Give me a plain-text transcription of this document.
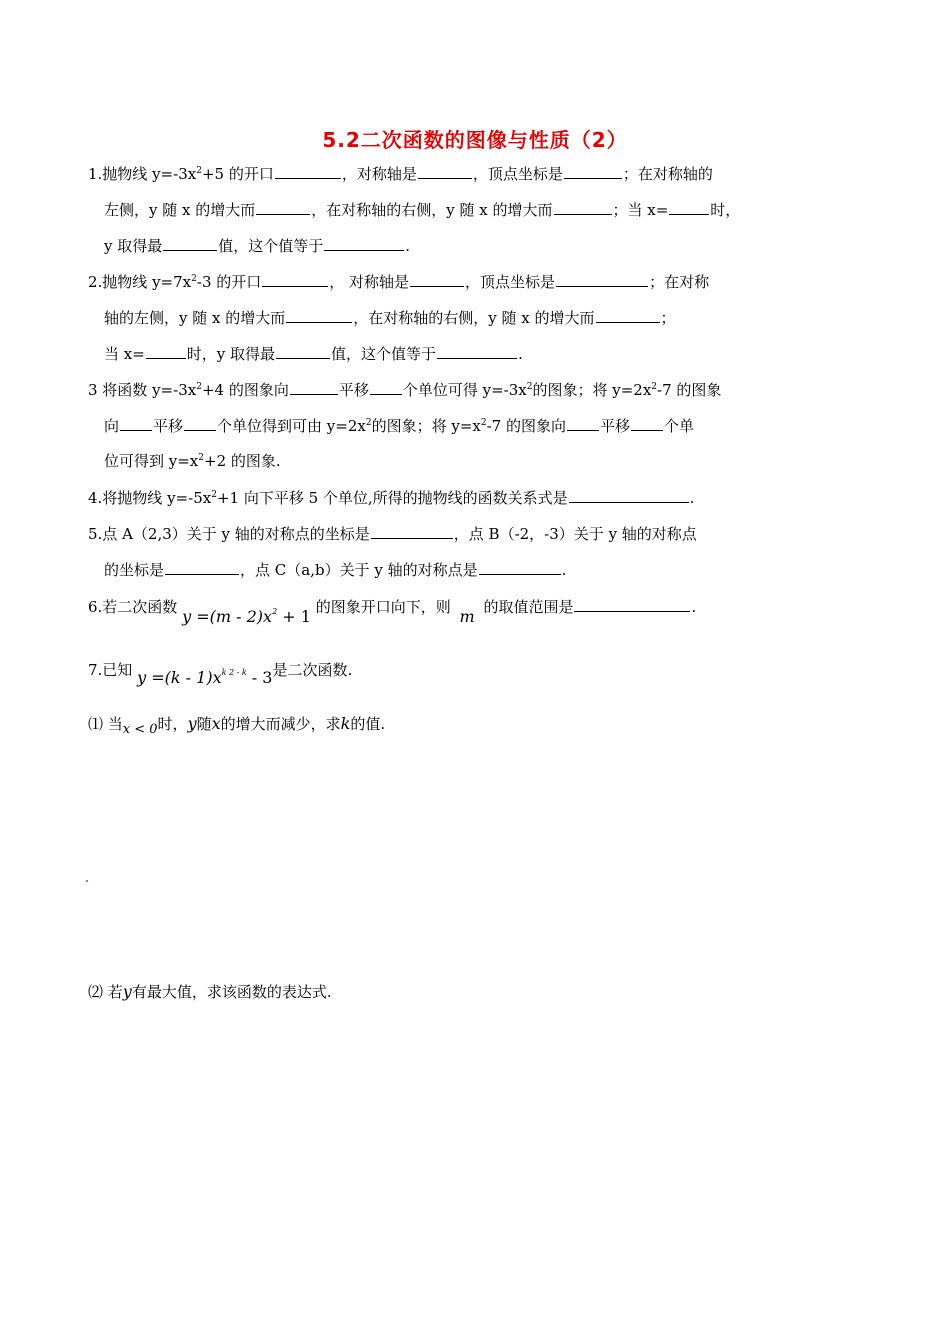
5.2二次函数的图像与性质（2）
1.抛物线 $y=-3x^2+5$ 的开口	，对称轴是	，顶点坐标是	；在对称轴的
左侧，y 随 x 的增大而	，在对称轴的右侧，y 随 x 的增大而	；当 x=	时，
y 取得最	值，这个值等于	.
2.抛物线 $y=7x^2-3$ 的开口	， 对称轴是	，顶点坐标是	；在对称
轴的左侧，y 随 x 的增大而	，在对称轴的右侧，y 随 x 的增大而	；
当 x=	时，y 取得最	值，这个值等于	.
3 将函数 $y=-3x^2+4$ 的图象向	平移 个单位可得 $y=-3x^2$的图象；将 $y=2x^2-7$ 的图象
向 平移 个单位得到可由 $y=2x^2$的图象；将 $y=x^2-7$ 的图象向 平移 个单
位可得到 $y=x^2+2$ 的图象.
4.将抛物线 $y=-5x^2+1$ 向下平移 5 个单位,所得的抛物线的函数关系式是	.
5.点 A（2,3）关于 y 轴的对称点的坐标是	，点 B（-2，-3）关于 y 轴的对称点
的坐标是	，点 C（a,b）关于 y 轴的对称点是	.
6.若二次函数 $y =(m - 2)x^2 + 1$ 的图象开口向下，则 m 的取值范围是	.
7.已知 $y =(k - 1)x^{k 2 - k} - 3$是二次函数.
⑴ 当x < 0时，y随x的增大而减少，求k的值.
⑵ 若y有最大值，求该函数的表达式.
